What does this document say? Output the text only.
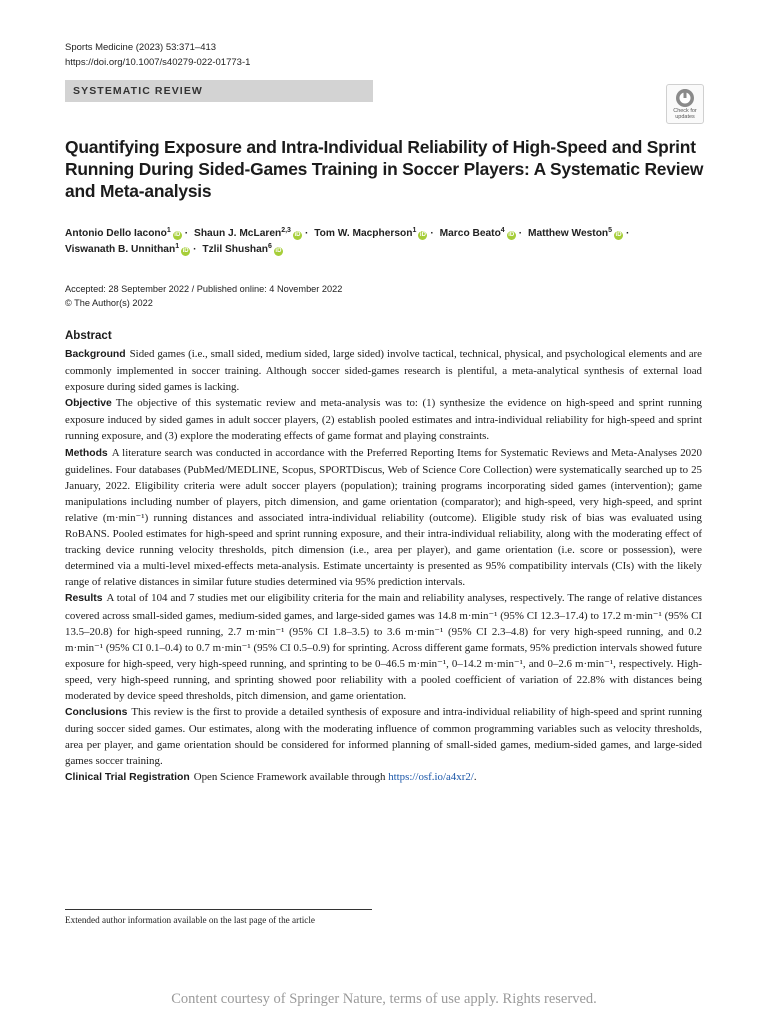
Sports Medicine (2023) 53:371–413
https://doi.org/10.1007/s40279-022-01773-1
SYSTEMATIC REVIEW
Check for
updates
Quantifying Exposure and Intra-Individual Reliability of High-Speed and Sprint Running During Sided-Games Training in Soccer Players: A Systematic Review and Meta-analysis
Antonio Dello Iacono$^1$iD · Shaun J. McLaren$^{2,3}$iD · Tom W. Macpherson$^1$iD · Marco Beato$^4$iD · Matthew Weston$^5$iD ·
Viswanath B. Unnithan$^1$iD · Tzlil Shushan$^6$iD
Accepted: 28 September 2022 / Published online: 4 November 2022
© The Author(s) 2022
Abstract

Background Sided games (i.e., small sided, medium sided, large sided) involve tactical, technical, physical, and psychological elements and are commonly implemented in soccer training. Although soccer sided-games research is plentiful, a meta-analytical synthesis of external load exposure during sided games is lacking.

Objective The objective of this systematic review and meta-analysis was to: (1) synthesize the evidence on high-speed and sprint running exposure induced by sided games in adult soccer players, (2) establish pooled estimates and intra-individual reliability for high-speed and sprint running exposure, and (3) explore the moderating effects of game format and playing constraints.

Methods A literature search was conducted in accordance with the Preferred Reporting Items for Systematic Reviews and Meta-Analyses 2020 guidelines. Four databases (PubMed/MEDLINE, Scopus, SPORTDiscus, Web of Science Core Collection) were systematically searched up to 25 January, 2022. Eligibility criteria were adult soccer players (population); training programs incorporating sided games (intervention); game manipulations including number of players, pitch dimension, and game orientation (comparator); and high-speed, very high-speed, and sprint relative (m·min⁻¹) running distances and associated intra-individual reliability (outcome). Eligible study risk of bias was evaluated using RoBANS. Pooled estimates for high-speed and sprint running exposure, and their intra-individual reliability, along with the moderating effect of tracking device running velocity thresholds, pitch dimension (i.e., area per player), and game orientation (i.e. score or possession), were determined via a multi-level mixed-effects meta-analysis. Estimate uncertainty is presented as 95% compatibility intervals (CIs) with the likely range of relative distances in similar future studies determined via 95% prediction intervals.

Results A total of 104 and 7 studies met our eligibility criteria for the main and reliability analyses, respectively. The range of relative distances covered across small-sided games, medium-sided games, and large-sided games was 14.8 m·min⁻¹ (95% CI 12.3–17.4) to 17.2 m·min⁻¹ (95% CI 13.5–20.8) for high-speed running, 2.7 m·min⁻¹ (95% CI 1.8–3.5) to 3.6 m·min⁻¹ (95% CI 2.3–4.8) for very high-speed running, and 0.2 m·min⁻¹ (95% CI 0.1–0.4) to 0.7 m·min⁻¹ (95% CI 0.5–0.9) for sprinting. Across different game formats, 95% prediction intervals showed future exposure for high-speed, very high-speed running, and sprinting to be 0–46.5 m·min⁻¹, 0–14.2 m·min⁻¹, and 0–2.6 m·min⁻¹, respectively. High-speed, very high-speed running, and sprinting showed poor reliability with a pooled coefficient of variation of 22.8% with distances being moderated by device speed thresholds, pitch dimension, and game orientation.

Conclusions This review is the first to provide a detailed synthesis of exposure and intra-individual reliability of high-speed and sprint running during soccer sided games. Our estimates, along with the moderating influence of common programming variables such as velocity thresholds, area per player, and game orientation should be considered for informed planning of small-sided games, medium-sided games, and large-sided games soccer training.

Clinical Trial Registration Open Science Framework available through https://osf.io/a4xr2/.

Extended author information available on the last page of the article
Content courtesy of Springer Nature, terms of use apply. Rights reserved.
